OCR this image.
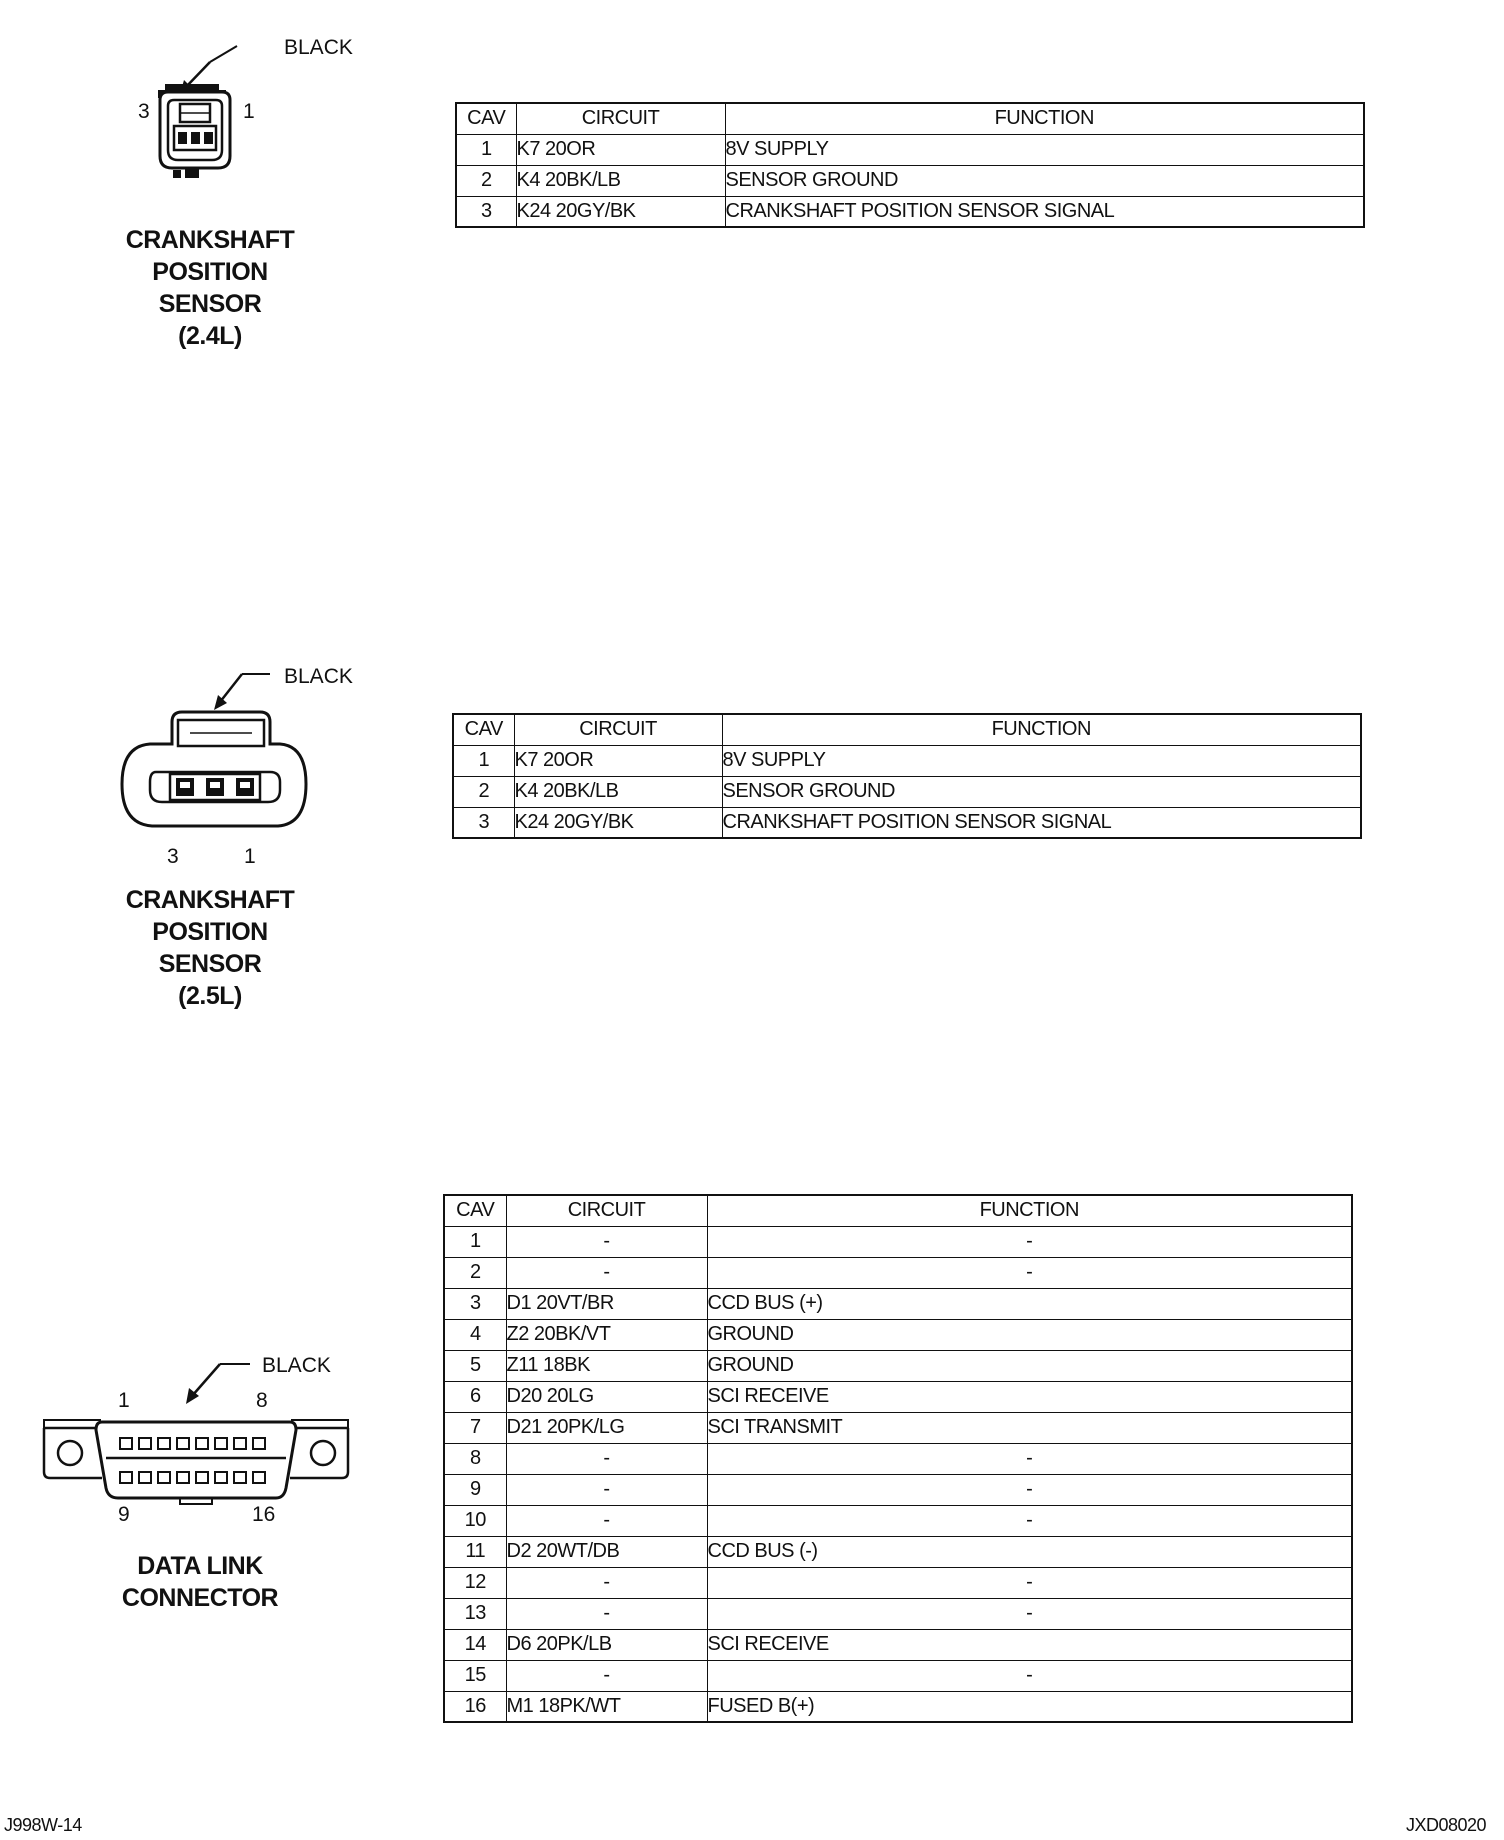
BLACK
3	1
CRANKSHAFT
POSITION
SENSOR
(2.4L)
CAV	CIRCUIT	FUNCTION
1	K7 20OR	8V SUPPLY
2	K4 20BK/LB	SENSOR GROUND
3	K24 20GY/BK	CRANKSHAFT POSITION SENSOR SIGNAL
BLACK
3	1
CRANKSHAFT
POSITION
SENSOR
(2.5L)
CAV	CIRCUIT	FUNCTION
1	K7 20OR	8V SUPPLY
2	K4 20BK/LB	SENSOR GROUND
3	K24 20GY/BK	CRANKSHAFT POSITION SENSOR SIGNAL
BLACK
1	8
9	16
DATA LINK
CONNECTOR
CAV	CIRCUIT	FUNCTION
1	-	-
2	-	-
3	D1 20VT/BR	CCD BUS (+)
4	Z2 20BK/VT	GROUND
5	Z11 18BK	GROUND
6	D20 20LG	SCI RECEIVE
7	D21 20PK/LG	SCI TRANSMIT
8	-	-
9	-	-
10	-	-
11	D2 20WT/DB	CCD BUS (-)
12	-	-
13	-	-
14	D6 20PK/LB	SCI RECEIVE
15	-	-
16	M1 18PK/WT	FUSED B(+)
J998W-14	JXD08020
